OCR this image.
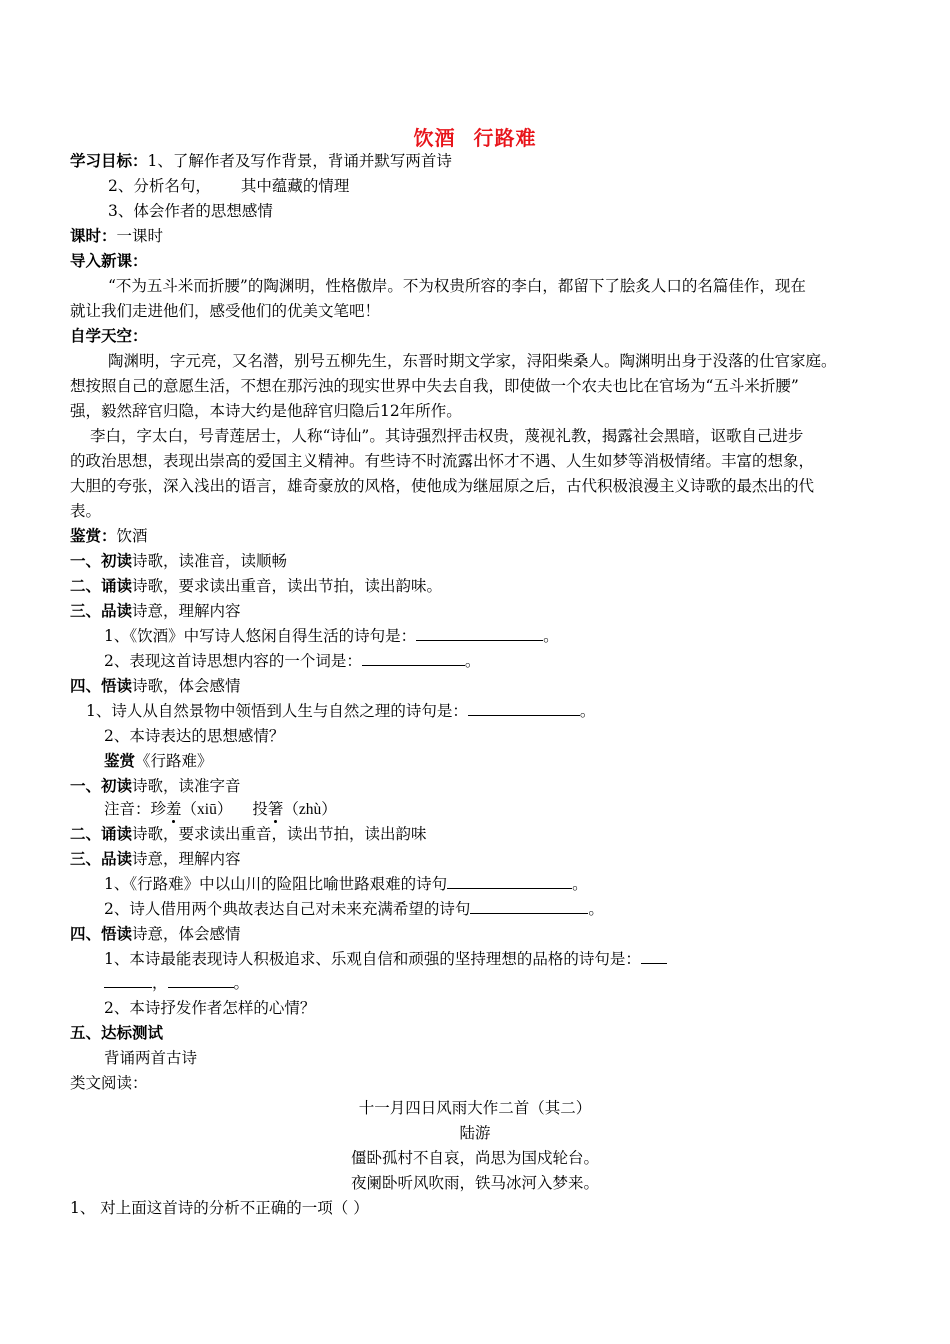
饮酒 行路难
学习目标：1、了解作者及写作背景，背诵并默写两首诗
2、分析名句， 其中蕴藏的情理
3、体会作者的思想感情
课时：一课时
导入新课：
“不为五斗米而折腰”的陶渊明，性格傲岸。不为权贵所容的李白，都留下了脍炙人口的名篇佳作，现在
就让我们走进他们，感受他们的优美文笔吧！
自学天空：
陶渊明，字元亮，又名潜，别号五柳先生，东晋时期文学家，浔阳柴桑人。陶渊明出身于没落的仕官家庭。
想按照自己的意愿生活，不想在那污浊的现实世界中失去自我，即使做一个农夫也比在官场为“五斗米折腰”
强，毅然辞官归隐，本诗大约是他辞官归隐后12年所作。
李白，字太白，号青莲居士，人称“诗仙”。其诗强烈抨击权贵，蔑视礼教，揭露社会黑暗，讴歌自己进步
的政治思想，表现出崇高的爱国主义精神。有些诗不时流露出怀才不遇、人生如梦等消极情绪。丰富的想象，
大胆的夸张，深入浅出的语言，雄奇豪放的风格，使他成为继屈原之后，古代积极浪漫主义诗歌的最杰出的代
表。
鉴赏：饮酒
一、初读诗歌，读准音，读顺畅
二、诵读诗歌，要求读出重音，读出节拍，读出韵味。
三、品读诗意，理解内容
1、《饮酒》中写诗人悠闲自得生活的诗句是：	。
2、表现这首诗思想内容的一个词是：	。
四、悟读诗歌，体会感情
1、诗人从自然景物中领悟到人生与自然之理的诗句是：	。
2、本诗表达的思想感情？
鉴赏《行路难》
一、初读诗歌，读准字音
注音：珍羞（xiū） 投箸（zhù）
二、诵读诗歌，要求读出重音，读出节拍，读出韵味
三、品读诗意，理解内容
1、《行路难》中以山川的险阻比喻世路艰难的诗句	。
2、诗人借用两个典故表达自己对未来充满希望的诗句	。
四、悟读诗意，体会感情
1、本诗最能表现诗人积极追求、乐观自信和顽强的坚持理想的品格的诗句是：
，	。
2、本诗抒发作者怎样的心情？
五、达标测试
背诵两首古诗
类文阅读：
十一月四日风雨大作二首（其二）
陆游
僵卧孤村不自哀，尚思为国戍轮台。
夜阑卧听风吹雨，铁马冰河入梦来。
1、 对上面这首诗的分析不正确的一项（ ）
